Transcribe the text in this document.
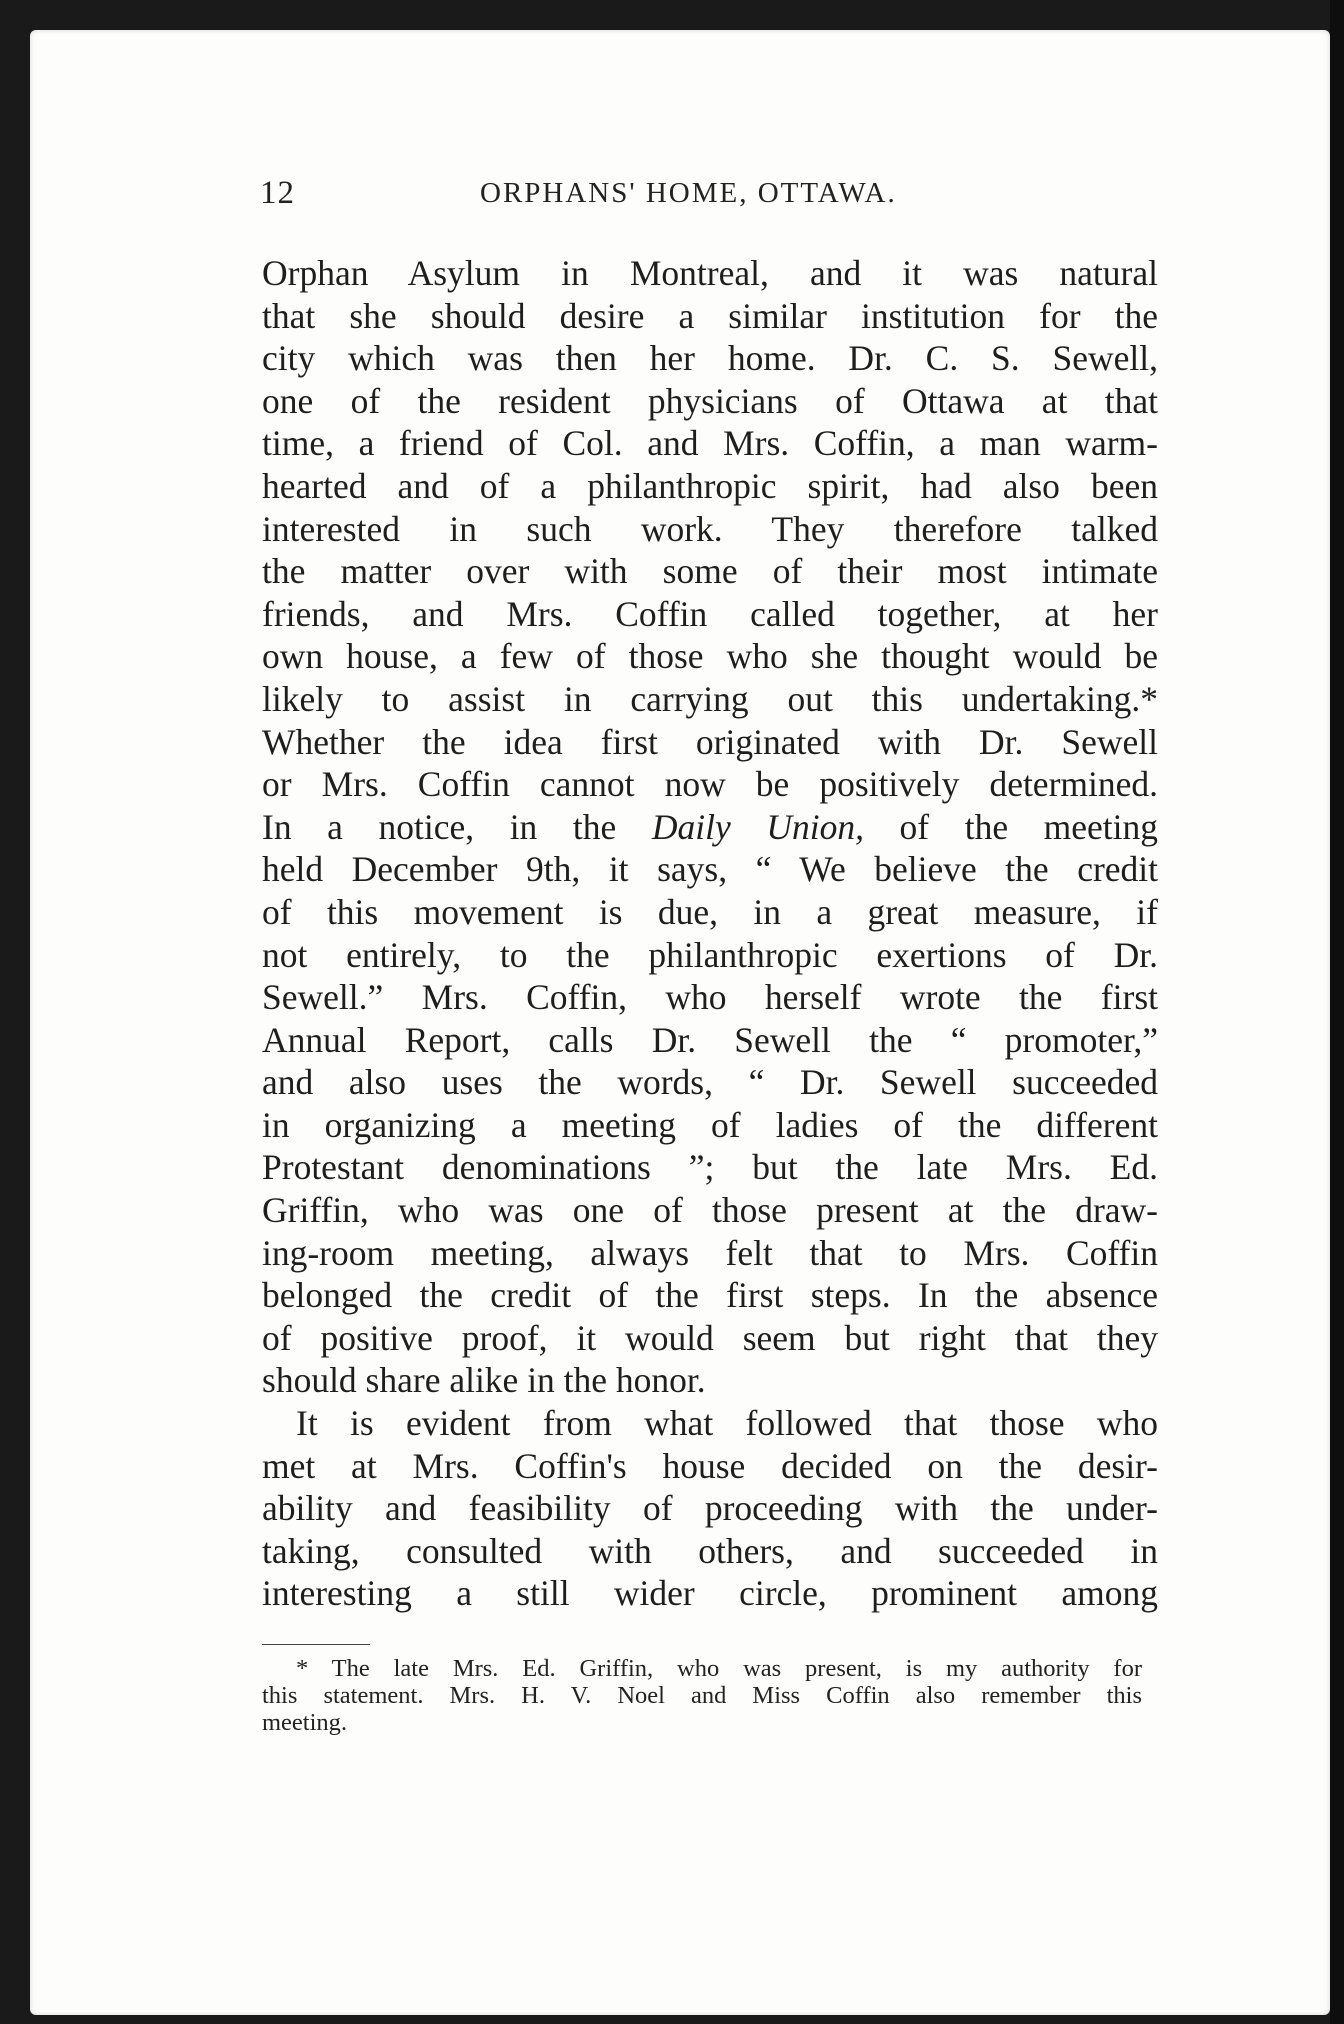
12	ORPHANS' HOME, OTTAWA.
Orphan Asylum in Montreal, and it was natural
that she should desire a similar institution for the
city which was then her home. Dr. C. S. Sewell,
one of the resident physicians of Ottawa at that
time, a friend of Col. and Mrs. Coffin, a man warm-
hearted and of a philanthropic spirit, had also been
interested in such work. They therefore talked
the matter over with some of their most intimate
friends, and Mrs. Coffin called together, at her
own house, a few of those who she thought would be
likely to assist in carrying out this undertaking.*
Whether the idea first originated with Dr. Sewell
or Mrs. Coffin cannot now be positively determined.
In a notice, in the Daily Union, of the meeting
held December 9th, it says, “ We believe the credit
of this movement is due, in a great measure, if
not entirely, to the philanthropic exertions of Dr.
Sewell.” Mrs. Coffin, who herself wrote the first
Annual Report, calls Dr. Sewell the “ promoter,”
and also uses the words, “ Dr. Sewell succeeded
in organizing a meeting of ladies of the different
Protestant denominations ”; but the late Mrs. Ed.
Griffin, who was one of those present at the draw-
ing-room meeting, always felt that to Mrs. Coffin
belonged the credit of the first steps. In the absence
of positive proof, it would seem but right that they
should share alike in the honor.
It is evident from what followed that those who
met at Mrs. Coffin's house decided on the desir-
ability and feasibility of proceeding with the under-
taking, consulted with others, and succeeded in
interesting a still wider circle, prominent among
* The late Mrs. Ed. Griffin, who was present, is my authority for
this statement. Mrs. H. V. Noel and Miss Coffin also remember this
meeting.
